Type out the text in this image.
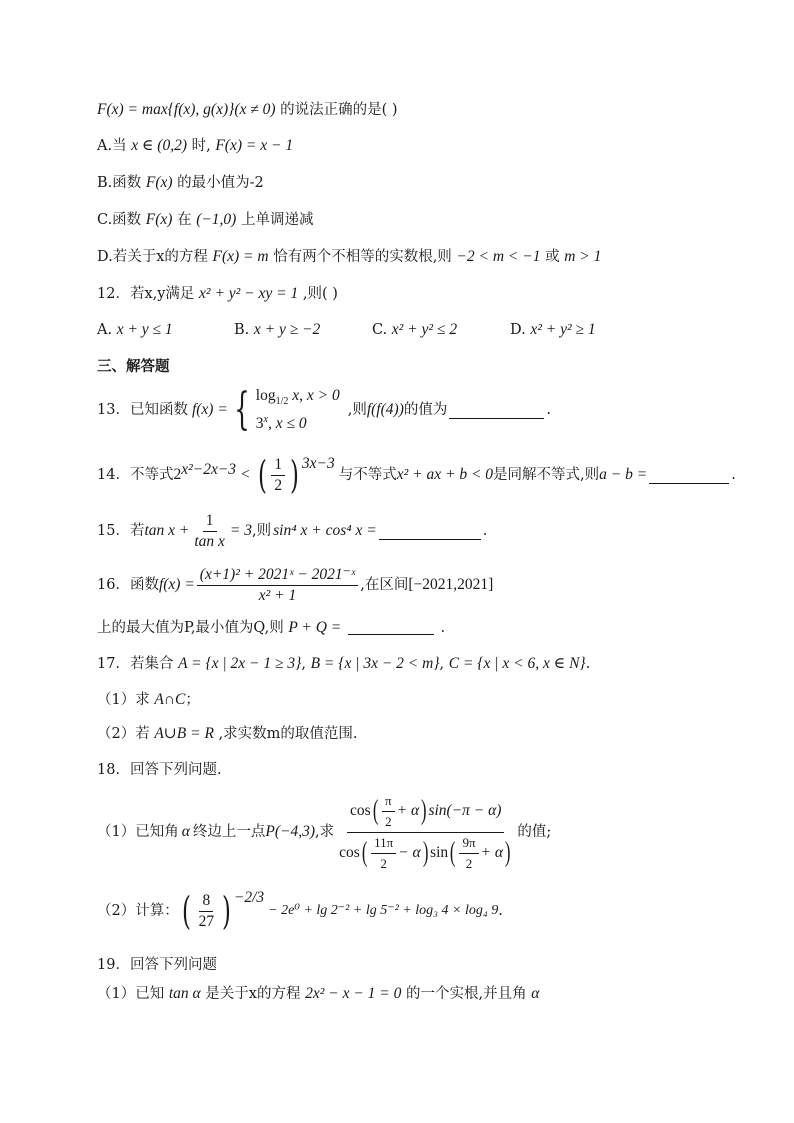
F(x) = max{f(x), g(x)}(x ≠ 0) 的说法正确的是( )
A.当 x ∈ (0,2) 时, F(x) = x − 1
B.函数 F(x) 的最小值为-2
C.函数 F(x) 在 (−1,0) 上单调递减
D.若关于x的方程 F(x) = m 恰有两个不相等的实数根,则 −2 < m < −1 或 m > 1
12．若x,y满足 x² + y² − xy = 1 ,则( )
A. x + y ≤ 1	B. x + y ≥ −2	C. x² + y² ≤ 2	D. x² + y² ≥ 1
三、解答题
13．已知函数 f(x) = { $\log_{1/2} x$, x > 0
3$^x$, x ≤ 0
,则 f(f(4)) 的值为	.
14．不等式 2 x²−2x−3 < ( $\frac{1}{2}$ ) 3x−3
与不等式 x² + ax + b < 0 是同解不等式,则 a − b =	.
15．若 $\tan x + \frac{1}{\text{tan x}} = 3$ ,则 sin⁴ x + cos⁴ x =	.
16．函数 $f(x) = \frac{\text{(x+1)² + 2021ˣ − 2021⁻ˣ}}{\text{x² + 1}}$ ,在区间 [−2021,2021]
上的最大值为P,最小值为Q,则 P + Q =	.
17．若集合 A = {x | 2x − 1 ≥ 3}, B = {x | 3x − 2 < m}, C = {x | x < 6, x ∈ N}.
（1）求 A∩C；
（2）若 A∪B = R ,求实数m的取值范围.
18．回答下列问题.
（1）已知角 α 终边上一点 P(−4,3) ,求
cos ( $\frac{\pi}{2} + \alpha$ ) sin(−π − α)
cos ( $\frac{11\pi}{2} - \alpha$ ) sin ( $\frac{9\pi}{2} + \alpha$ )
的值;
（2）计算： ( $\frac{8}{27}$ ) −2/3
− 2e⁰ + lg 2⁻² + lg 5⁻² + log₃ 4 × log₄ 9 .
19．回答下列问题
（1）已知 tan α 是关于x的方程 2x² − x − 1 = 0 的一个实根,并且角 α
